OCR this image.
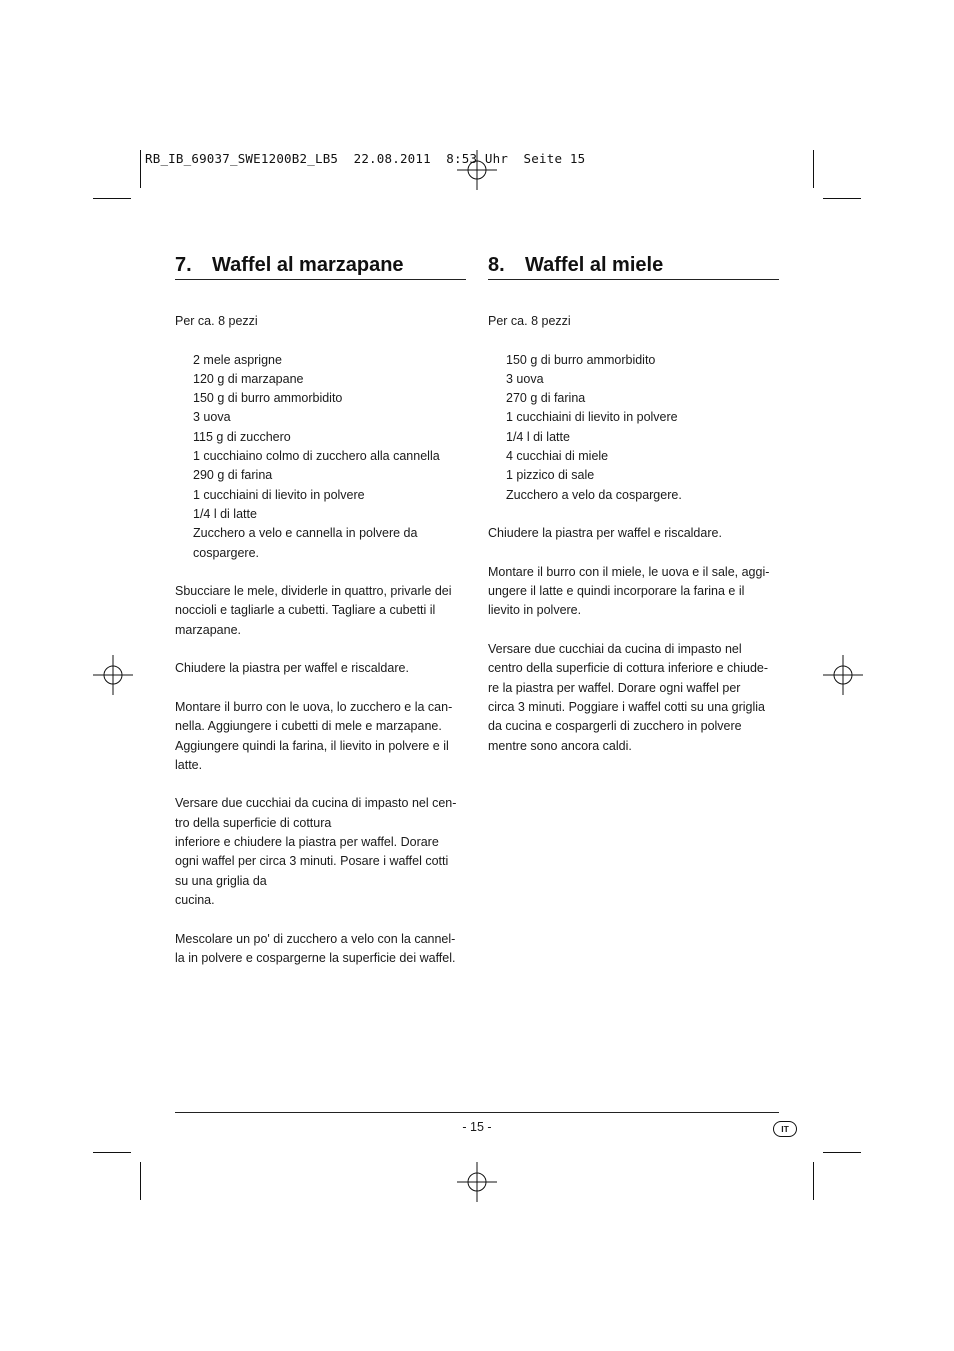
RB_IB_69037_SWE1200B2_LB5  22.08.2011  8:53 Uhr  Seite 15
7. Waffel al marzapane

Per ca. 8 pezzi

2 mele asprigne
120 g di marzapane
150 g di burro ammorbidito
3 uova
115 g di zucchero
1 cucchiaino colmo di zucchero alla cannella
290 g di farina
1 cucchiaini di lievito in polvere
1/4 l di latte
Zucchero a velo e cannella in polvere da
cospargere.
Sbucciare le mele, dividerle in quattro, privarle dei
noccioli e tagliarle a cubetti. Tagliare a cubetti il
marzapane.
Chiudere la piastra per waffel e riscaldare.
Montare il burro con le uova, lo zucchero e la can-
nella. Aggiungere i cubetti di mele e marzapane.
Aggiungere quindi la farina, il lievito in polvere e il
latte.
Versare due cucchiai da cucina di impasto nel cen-
tro della superficie di cottura
inferiore e chiudere la piastra per waffel. Dorare
ogni waffel per circa 3 minuti. Posare i waffel cotti
su una griglia da
cucina.
Mescolare un po' di zucchero a velo con la cannel-
la in polvere e cospargerne la superficie dei waffel.
8. Waffel al miele

Per ca. 8 pezzi

150 g di burro ammorbidito
3 uova
270 g di farina
1 cucchiaini di lievito in polvere
1/4 l di latte
4 cucchiai di miele
1 pizzico di sale
Zucchero a velo da cospargere.
Chiudere la piastra per waffel e riscaldare.
Montare il burro con il miele, le uova e il sale, aggi-
ungere il latte e quindi incorporare la farina e il
lievito in polvere.
Versare due cucchiai da cucina di impasto nel
centro della superficie di cottura inferiore e chiude-
re la piastra per waffel. Dorare ogni waffel per
circa 3 minuti. Poggiare i waffel cotti su una griglia
da cucina e cospargerli di zucchero in polvere
mentre sono ancora caldi.
- 15 -	IT
